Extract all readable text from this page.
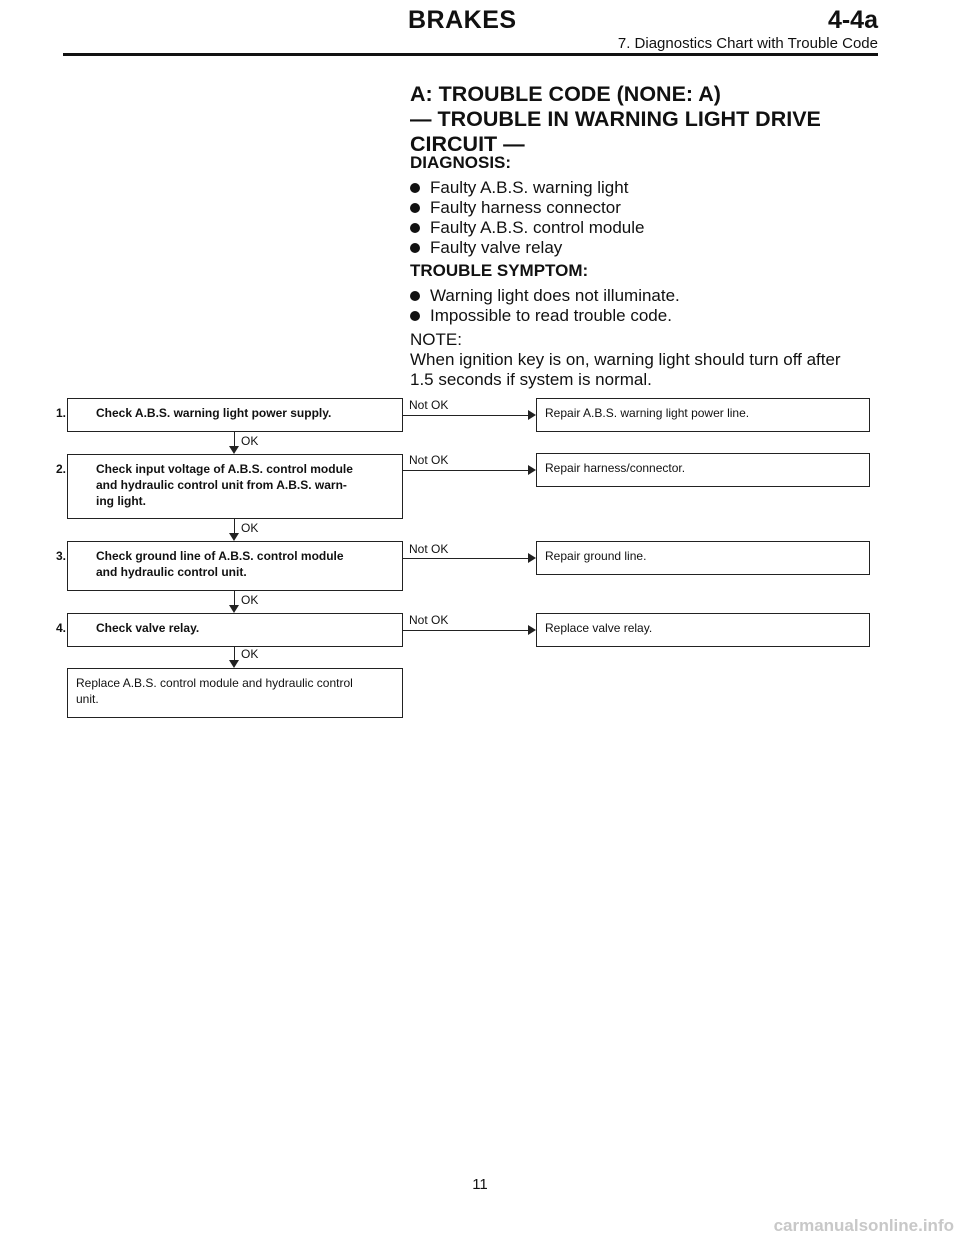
BRAKES	4-4a
7. Diagnostics Chart with Trouble Code
A: TROUBLE CODE (NONE: A)
— TROUBLE IN WARNING LIGHT DRIVE
CIRCUIT —
DIAGNOSIS:
Faulty A.B.S. warning light
Faulty harness connector
Faulty A.B.S. control module
Faulty valve relay
TROUBLE SYMPTOM:
Warning light does not illuminate.
Impossible to read trouble code.
NOTE:
When ignition key is on, warning light should turn off after
1.5 seconds if system is normal.
1. Check A.B.S. warning light power supply.
Not OK
Repair A.B.S. warning light power line.
OK
2. Check input voltage of A.B.S. control module
and hydraulic control unit from A.B.S. warn-
ing light.
Not OK
Repair harness/connector.
OK
3. Check ground line of A.B.S. control module
and hydraulic control unit.
Not OK	Repair ground line.
OK
4. Check valve relay.
Not OK
Replace valve relay.
OK
Replace A.B.S. control module and hydraulic control
unit.
11
carmanualsonline.info
